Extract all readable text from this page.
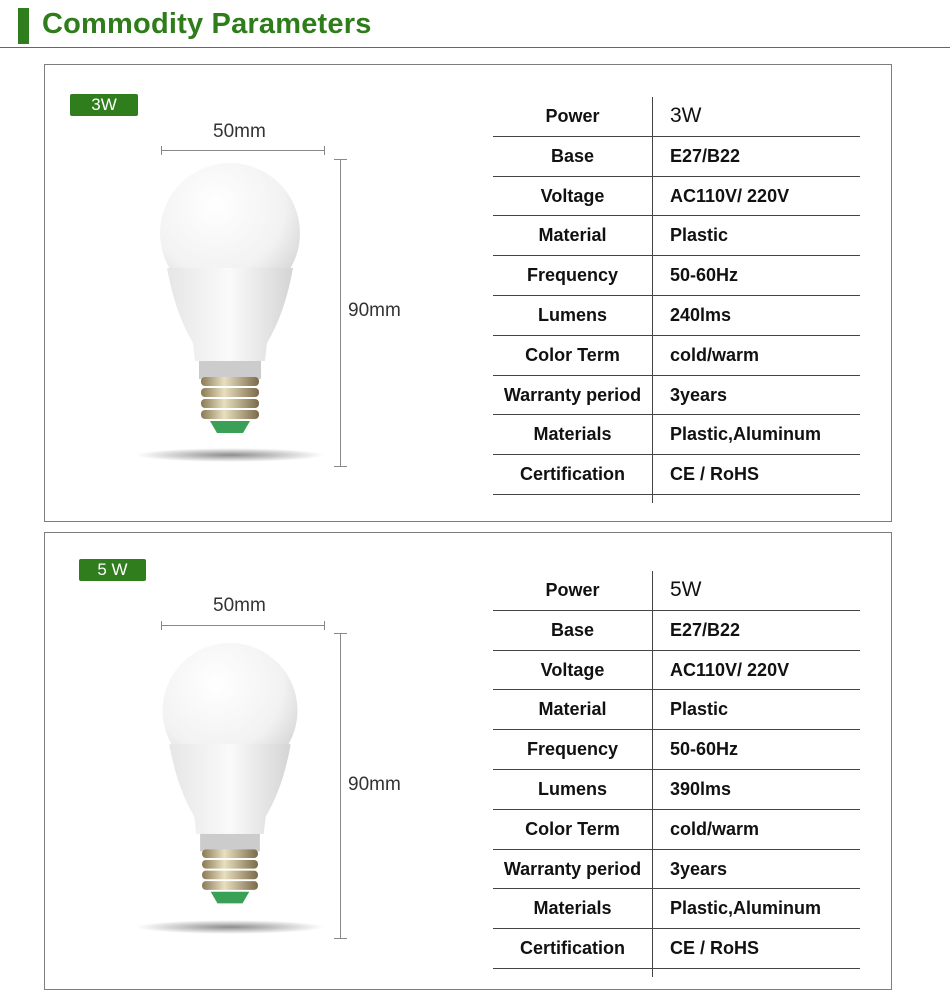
Commodity Parameters
3W
50mm
90mm
Power	3W
Base	E27/B22
Voltage	AC110V/ 220V
Material	Plastic
Frequency	50-60Hz
Lumens	240lms
Color Term	cold/warm
Warranty period	3years
Materials	Plastic,Aluminum
Certification	CE / RoHS
5 W
50mm
90mm
Power	5W
Base	E27/B22
Voltage	AC110V/ 220V
Material	Plastic
Frequency	50-60Hz
Lumens	390lms
Color Term	cold/warm
Warranty period	3years
Materials	Plastic,Aluminum
Certification	CE / RoHS
